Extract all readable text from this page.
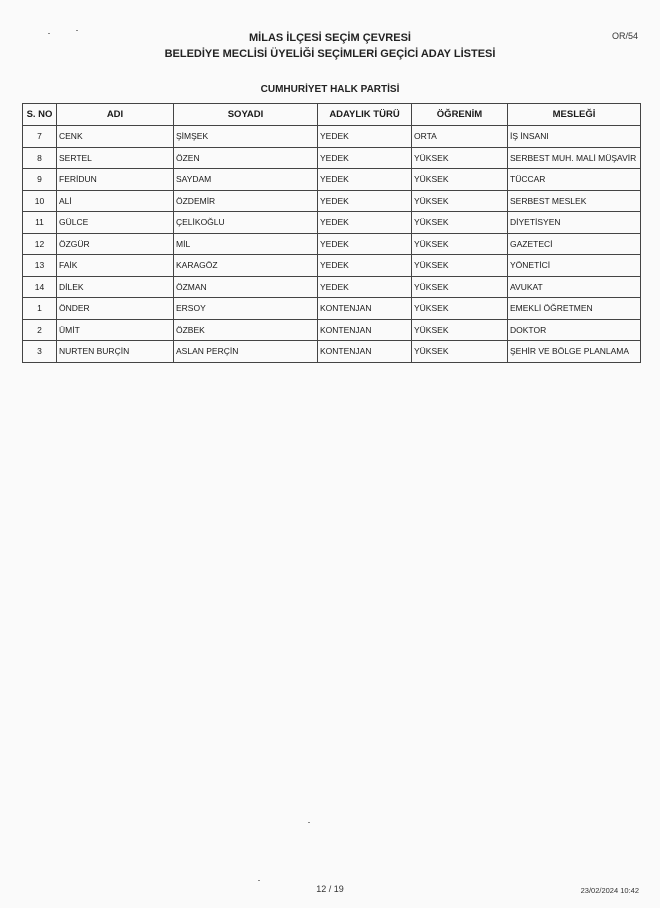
OR/54
MİLAS İLÇESİ SEÇİM ÇEVRESİ
BELEDİYE MECLİSİ ÜYELİĞİ SEÇİMLERİ GEÇİCİ ADAY LİSTESİ
CUMHURİYET HALK PARTİSİ
S. NO	ADI	SOYADI	ADAYLIK TÜRÜ	ÖĞRENİM	MESLEĞİ
7	CENK	ŞİMŞEK	YEDEK	ORTA	İŞ İNSANI
8	SERTEL	ÖZEN	YEDEK	YÜKSEK	SERBEST MUH. MALİ MÜŞAVİR
9	FERİDUN	SAYDAM	YEDEK	YÜKSEK	TÜCCAR
10	ALİ	ÖZDEMİR	YEDEK	YÜKSEK	SERBEST MESLEK
11	GÜLCE	ÇELİKOĞLU	YEDEK	YÜKSEK	DİYETİSYEN
12	ÖZGÜR	MİL	YEDEK	YÜKSEK	GAZETECİ
13	FAİK	KARAGÖZ	YEDEK	YÜKSEK	YÖNETİCİ
14	DİLEK	ÖZMAN	YEDEK	YÜKSEK	AVUKAT
1	ÖNDER	ERSOY	KONTENJAN	YÜKSEK	EMEKLİ ÖĞRETMEN
2	ÜMİT	ÖZBEK	KONTENJAN	YÜKSEK	DOKTOR
3	NURTEN BURÇİN	ASLAN PERÇİN	KONTENJAN	YÜKSEK	ŞEHİR VE BÖLGE PLANLAMA
12 / 19	23/02/2024 10:42
